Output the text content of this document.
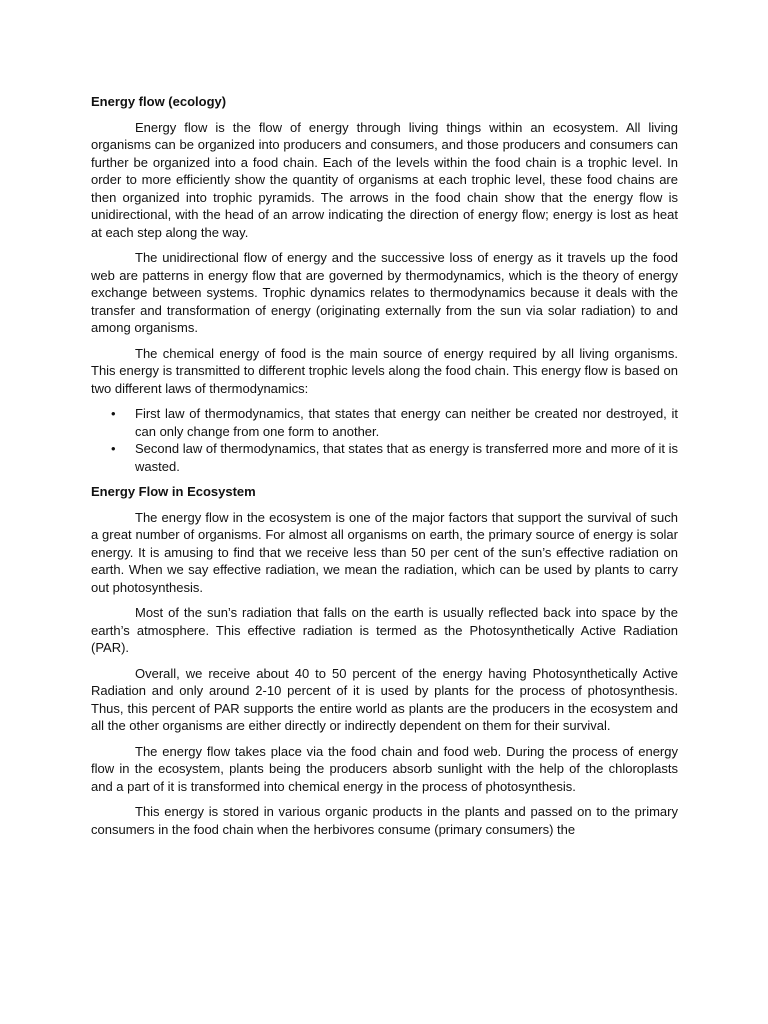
Energy flow (ecology)

Energy flow is the flow of energy through living things within an ecosystem. All living organisms can be organized into producers and consumers, and those producers and consumers can further be organized into a food chain. Each of the levels within the food chain is a trophic level. In order to more efficiently show the quantity of organisms at each trophic level, these food chains are then organized into trophic pyramids. The arrows in the food chain show that the energy flow is unidirectional, with the head of an arrow indicating the direction of energy flow; energy is lost as heat at each step along the way.

The unidirectional flow of energy and the successive loss of energy as it travels up the food web are patterns in energy flow that are governed by thermodynamics, which is the theory of energy exchange between systems. Trophic dynamics relates to thermodynamics because it deals with the transfer and transformation of energy (originating externally from the sun via solar radiation) to and among organisms.

The chemical energy of food is the main source of energy required by all living organisms. This energy is transmitted to different trophic levels along the food chain. This energy flow is based on two different laws of thermodynamics:

• First law of thermodynamics, that states that energy can neither be created nor destroyed, it can only change from one form to another.
• Second law of thermodynamics, that states that as energy is transferred more and more of it is wasted.
Energy Flow in Ecosystem

The energy flow in the ecosystem is one of the major factors that support the survival of such a great number of organisms. For almost all organisms on earth, the primary source of energy is solar energy. It is amusing to find that we receive less than 50 per cent of the sun’s effective radiation on earth. When we say effective radiation, we mean the radiation, which can be used by plants to carry out photosynthesis.

Most of the sun’s radiation that falls on the earth is usually reflected back into space by the earth’s atmosphere. This effective radiation is termed as the Photosynthetically Active Radiation (PAR).

Overall, we receive about 40 to 50 percent of the energy having Photosynthetically Active Radiation and only around 2-10 percent of it is used by plants for the process of photosynthesis. Thus, this percent of PAR supports the entire world as plants are the producers in the ecosystem and all the other organisms are either directly or indirectly dependent on them for their survival.

The energy flow takes place via the food chain and food web. During the process of energy flow in the ecosystem, plants being the producers absorb sunlight with the help of the chloroplasts and a part of it is transformed into chemical energy in the process of photosynthesis.

This energy is stored in various organic products in the plants and passed on to the primary consumers in the food chain when the herbivores consume (primary consumers) the
